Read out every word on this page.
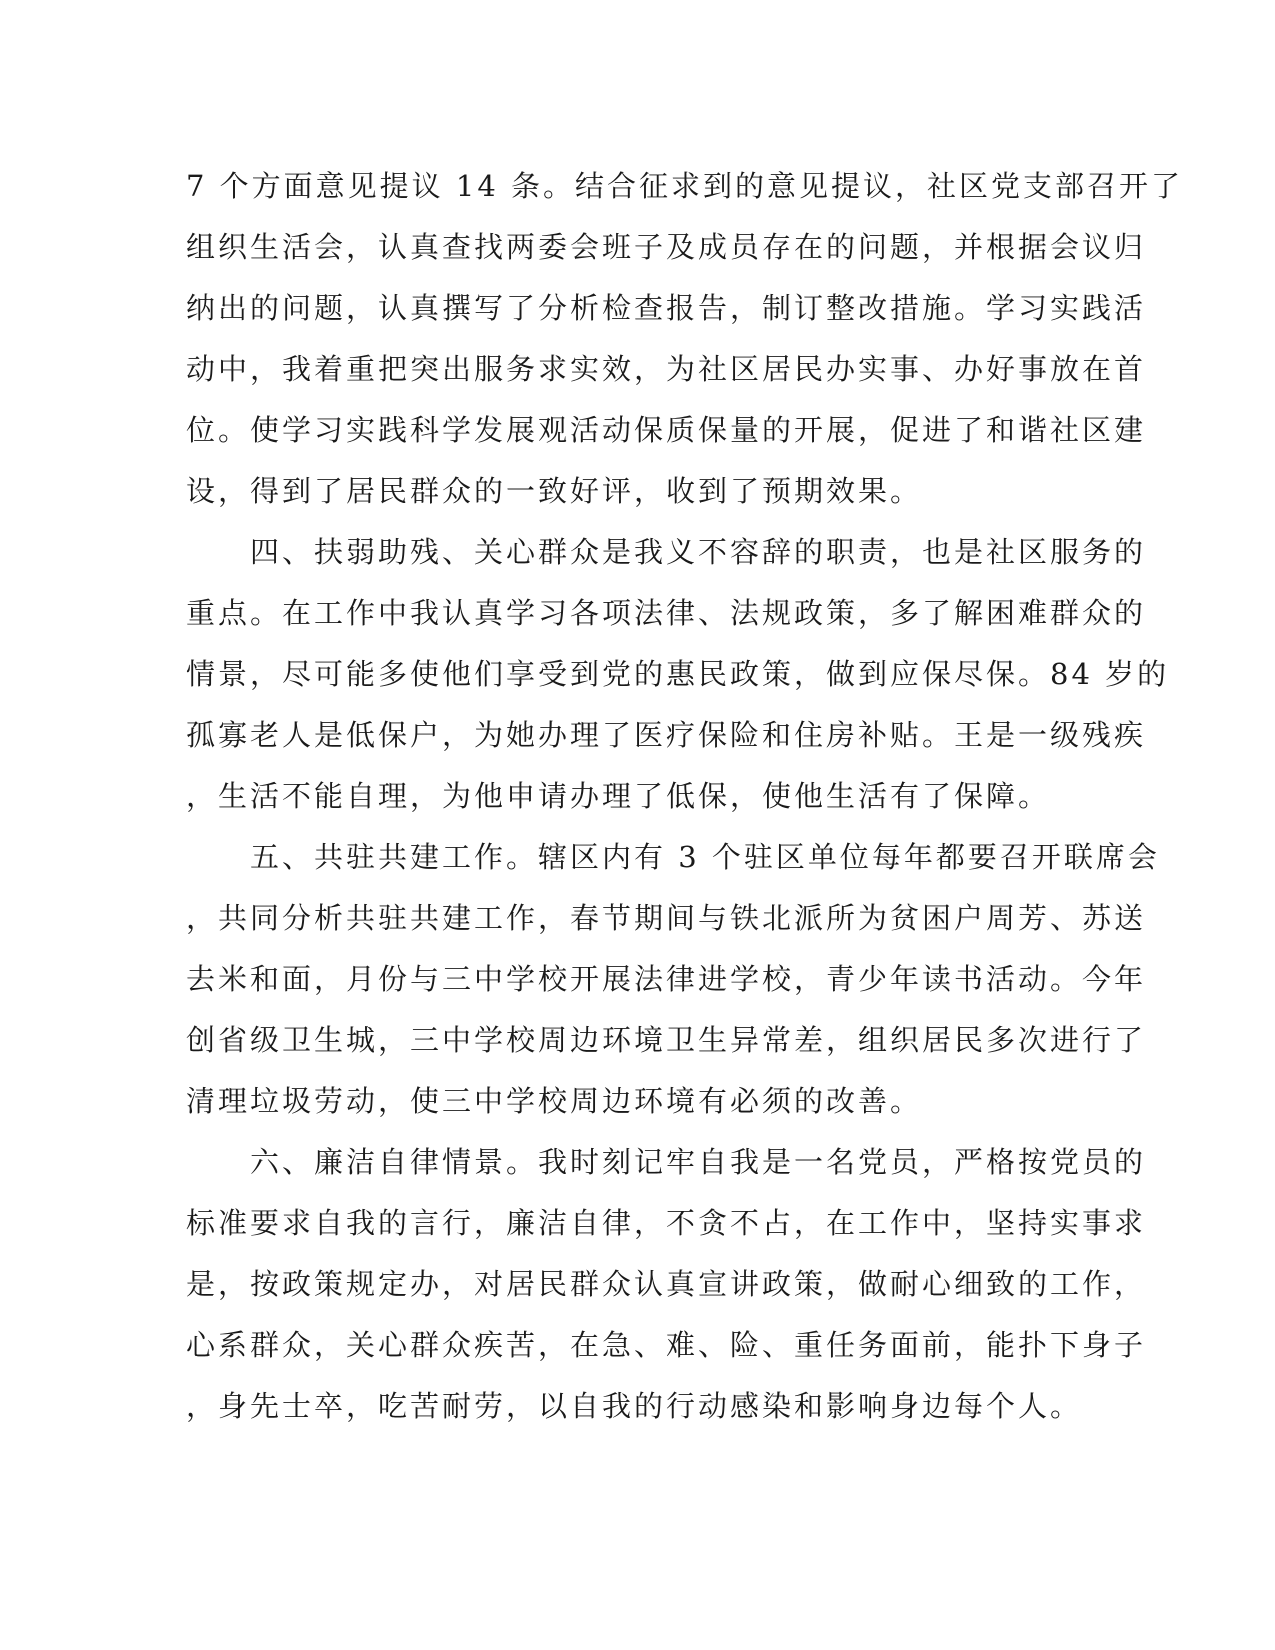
7 个方面意见提议 14 条。结合征求到的意见提议，社区党支部召开了
组织生活会，认真查找两委会班子及成员存在的问题，并根据会议归
纳出的问题，认真撰写了分析检查报告，制订整改措施。学习实践活
动中，我着重把突出服务求实效，为社区居民办实事、办好事放在首
位。使学习实践科学发展观活动保质保量的开展，促进了和谐社区建
设，得到了居民群众的一致好评，收到了预期效果。
　　四、扶弱助残、关心群众是我义不容辞的职责，也是社区服务的
重点。在工作中我认真学习各项法律、法规政策，多了解困难群众的
情景，尽可能多使他们享受到党的惠民政策，做到应保尽保。84 岁的
孤寡老人是低保户，为她办理了医疗保险和住房补贴。王是一级残疾
，生活不能自理，为他申请办理了低保，使他生活有了保障。
　　五、共驻共建工作。辖区内有 3 个驻区单位每年都要召开联席会
，共同分析共驻共建工作，春节期间与铁北派所为贫困户周芳、苏送
去米和面，月份与三中学校开展法律进学校，青少年读书活动。今年
创省级卫生城，三中学校周边环境卫生异常差，组织居民多次进行了
清理垃圾劳动，使三中学校周边环境有必须的改善。
　　六、廉洁自律情景。我时刻记牢自我是一名党员，严格按党员的
标准要求自我的言行，廉洁自律，不贪不占，在工作中，坚持实事求
是，按政策规定办，对居民群众认真宣讲政策，做耐心细致的工作，
心系群众，关心群众疾苦，在急、难、险、重任务面前，能扑下身子
，身先士卒，吃苦耐劳，以自我的行动感染和影响身边每个人。
